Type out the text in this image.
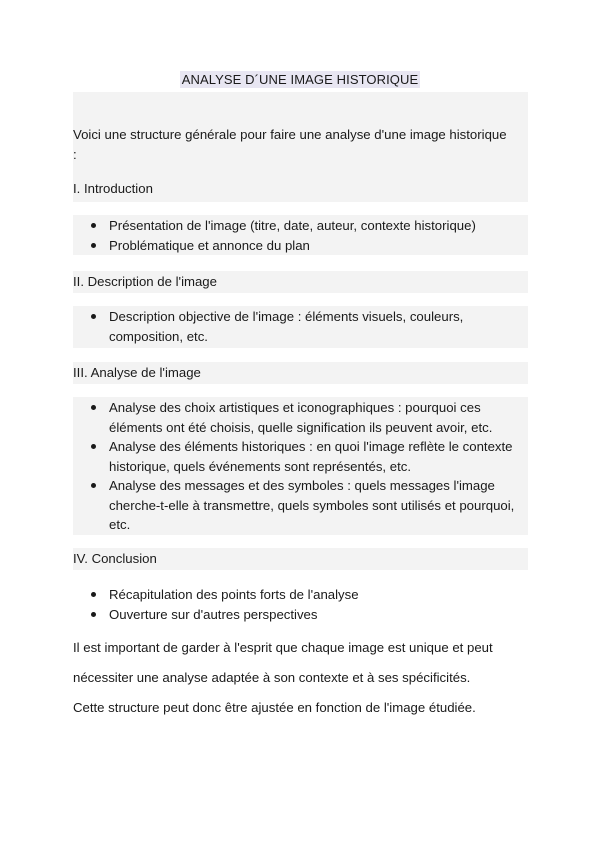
ANALYSE D´UNE IMAGE HISTORIQUE
Voici une structure générale pour faire une analyse d'une image historique :
I. Introduction
Présentation de l'image (titre, date, auteur, contexte historique)
Problématique et annonce du plan
II. Description de l'image
Description objective de l'image : éléments visuels, couleurs, composition, etc.
III. Analyse de l'image
Analyse des choix artistiques et iconographiques : pourquoi ces éléments ont été choisis, quelle signification ils peuvent avoir, etc.
Analyse des éléments historiques : en quoi l'image reflète le contexte historique, quels événements sont représentés, etc.
Analyse des messages et des symboles : quels messages l'image cherche-t-elle à transmettre, quels symboles sont utilisés et pourquoi, etc.
IV. Conclusion
Récapitulation des points forts de l'analyse
Ouverture sur d'autres perspectives
Il est important de garder à l'esprit que chaque image est unique et peut
nécessiter une analyse adaptée à son contexte et à ses spécificités.
Cette structure peut donc être ajustée en fonction de l'image étudiée.
